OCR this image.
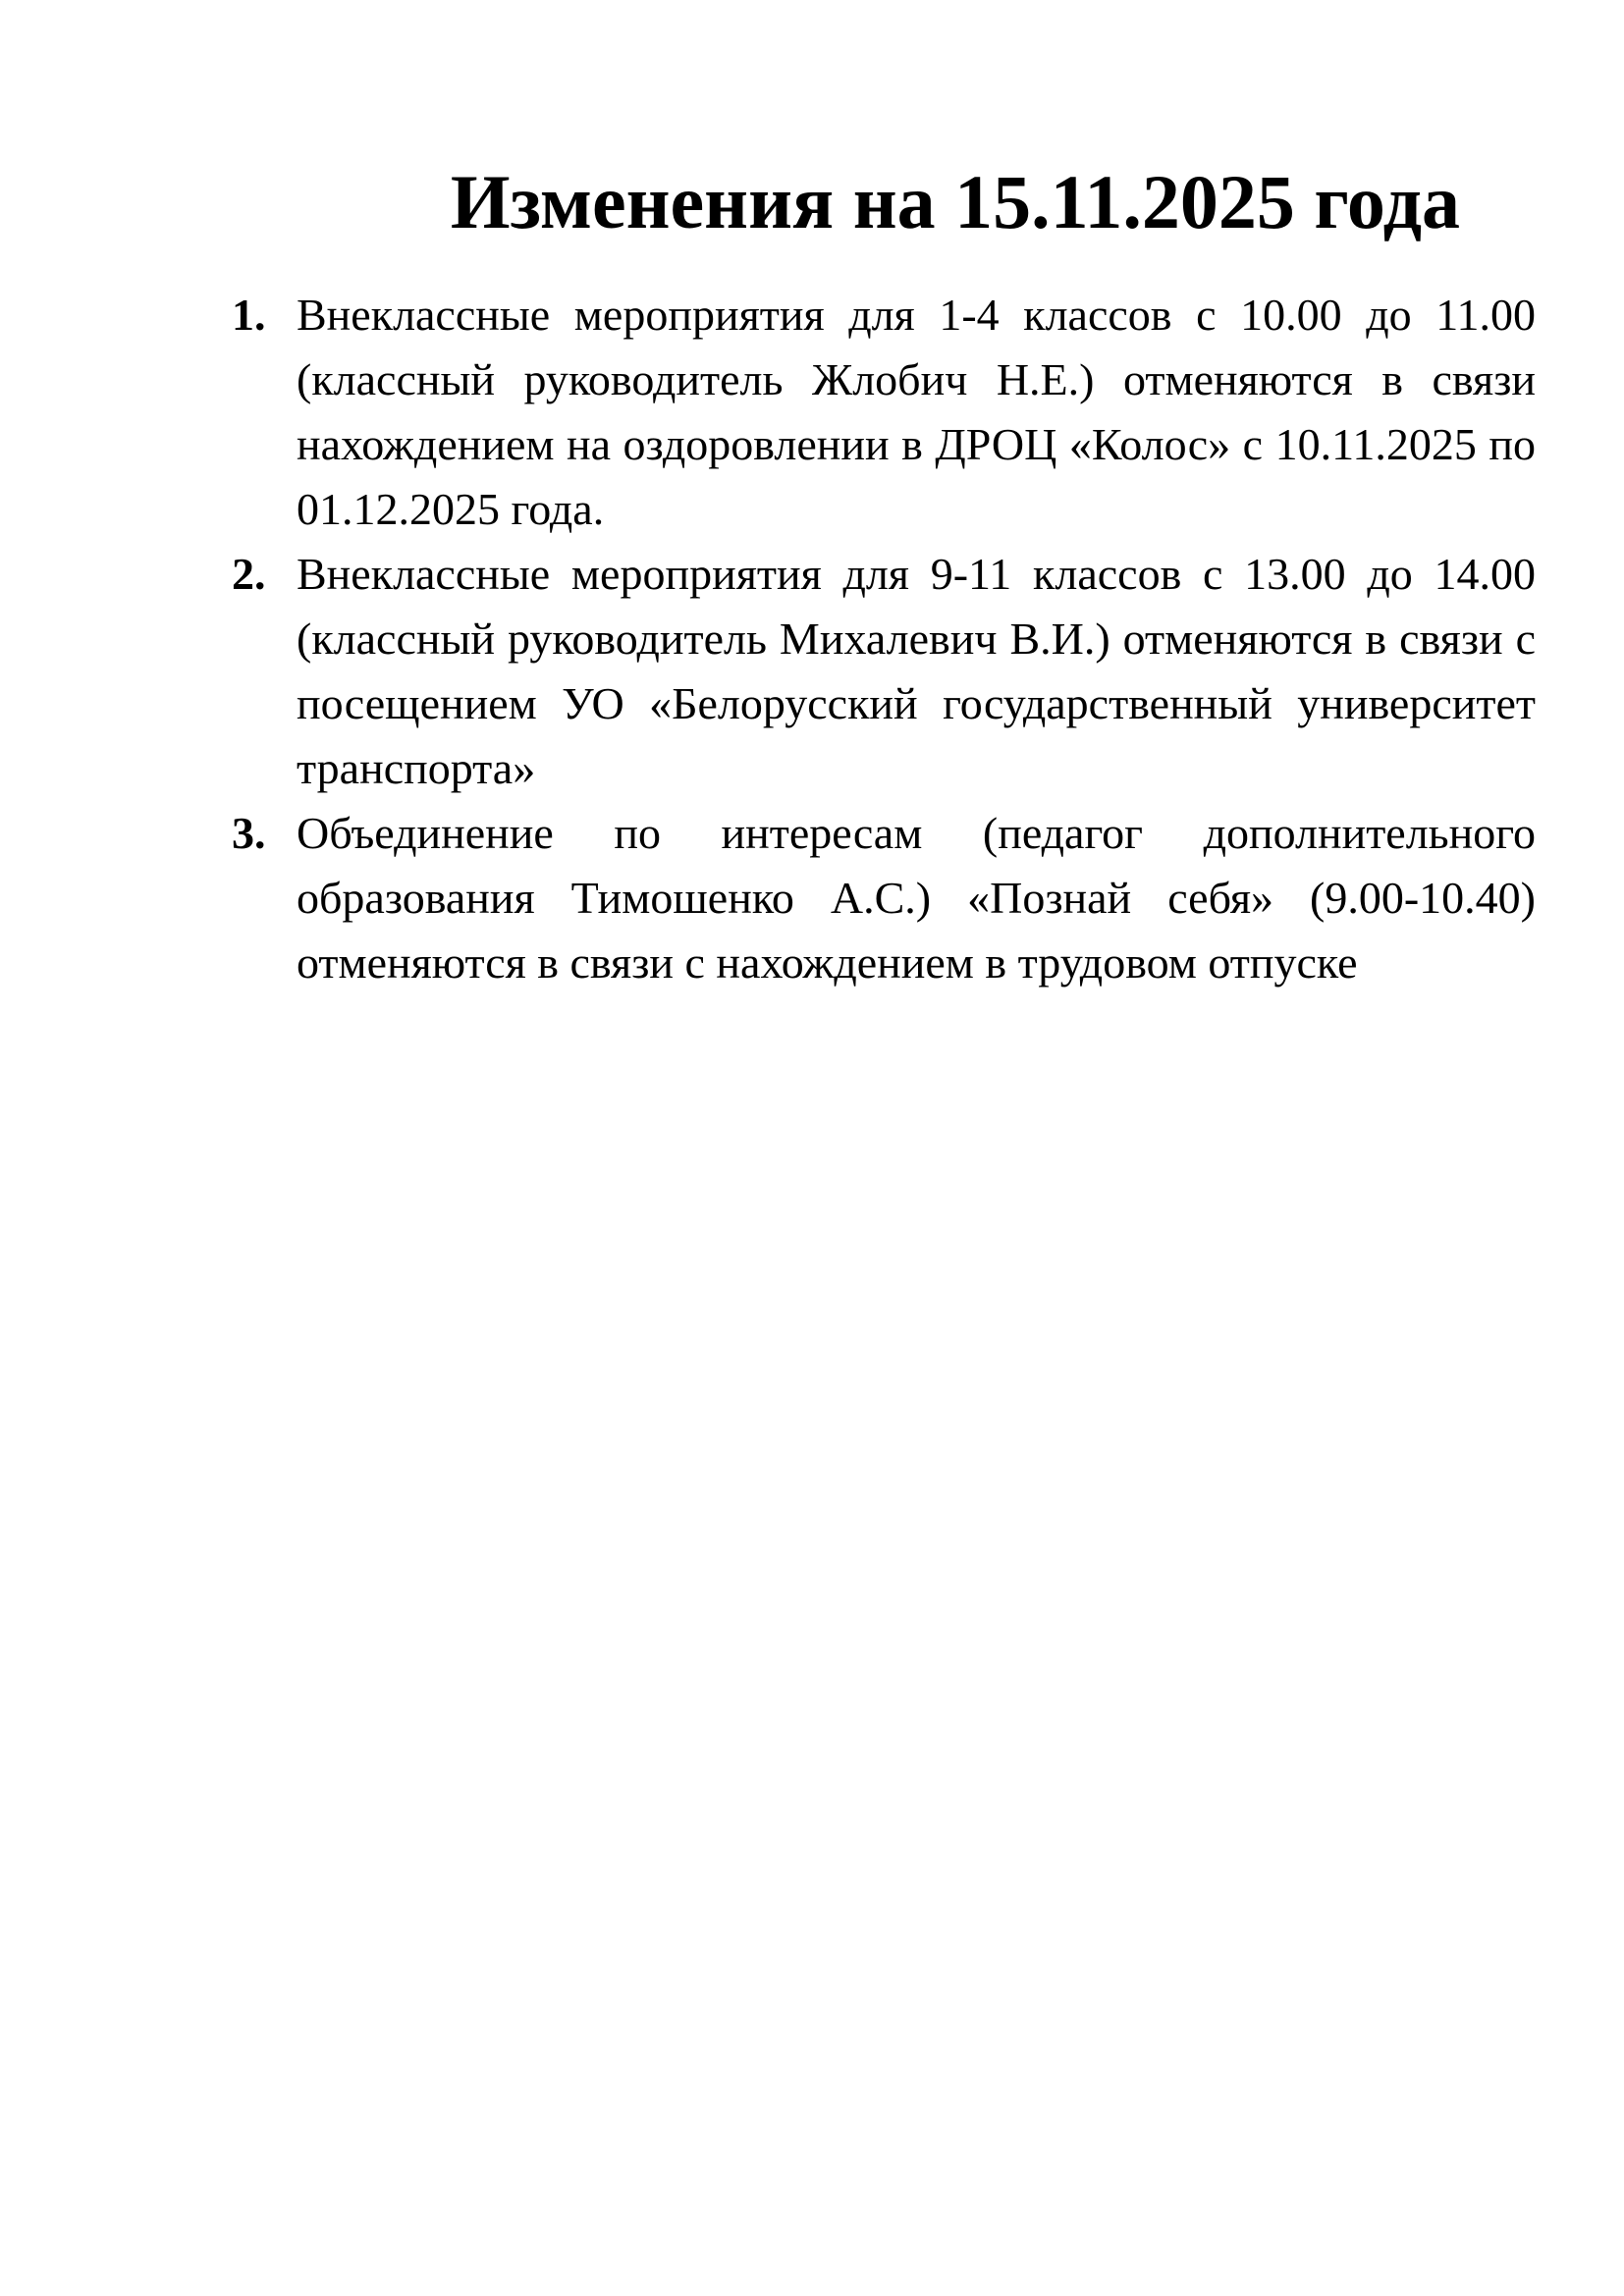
Изменения на 15.11.2025 года
1. Внеклассные мероприятия для 1-4 классов с 10.00 до 11.00 (классный руководитель Жлобич Н.Е.) отменяются в связи нахождением на оздоровлении в ДРОЦ «Колос» с 10.11.2025 по 01.12.2025 года.
2. Внеклассные мероприятия для 9-11 классов с 13.00 до 14.00 (классный руководитель Михалевич В.И.) отменяются в связи с посещением УО «Белорусский государственный университет транспорта»
3. Объединение по интересам (педагог дополнительного образования Тимошенко А.С.) «Познай себя» (9.00-10.40) отменяются в связи с нахождением в трудовом отпуске
